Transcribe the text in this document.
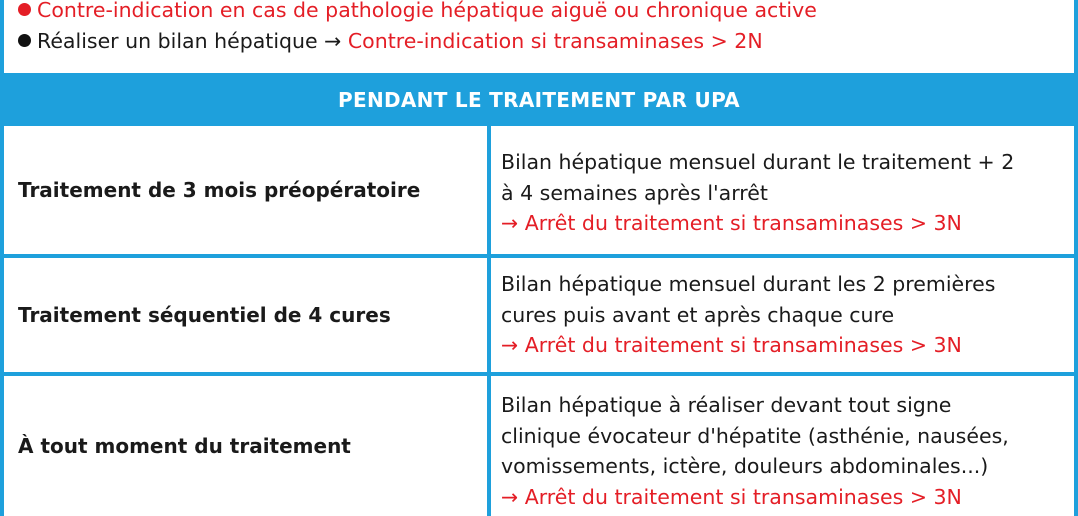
Contre-indication en cas de pathologie hépatique aiguë ou chronique active
Réaliser un bilan hépatique → Contre-indication si transaminases > 2N
PENDANT LE TRAITEMENT PAR UPA
Traitement de 3 mois préopératoire
Bilan hépatique mensuel durant le traitement + 2
à 4 semaines après l'arrêt
→ Arrêt du traitement si transaminases > 3N
Traitement séquentiel de 4 cures
Bilan hépatique mensuel durant les 2 premières
cures puis avant et après chaque cure
→ Arrêt du traitement si transaminases > 3N
À tout moment du traitement
Bilan hépatique à réaliser devant tout signe
clinique évocateur d'hépatite (asthénie, nausées,
vomissements, ictère, douleurs abdominales...)
→ Arrêt du traitement si transaminases > 3N
